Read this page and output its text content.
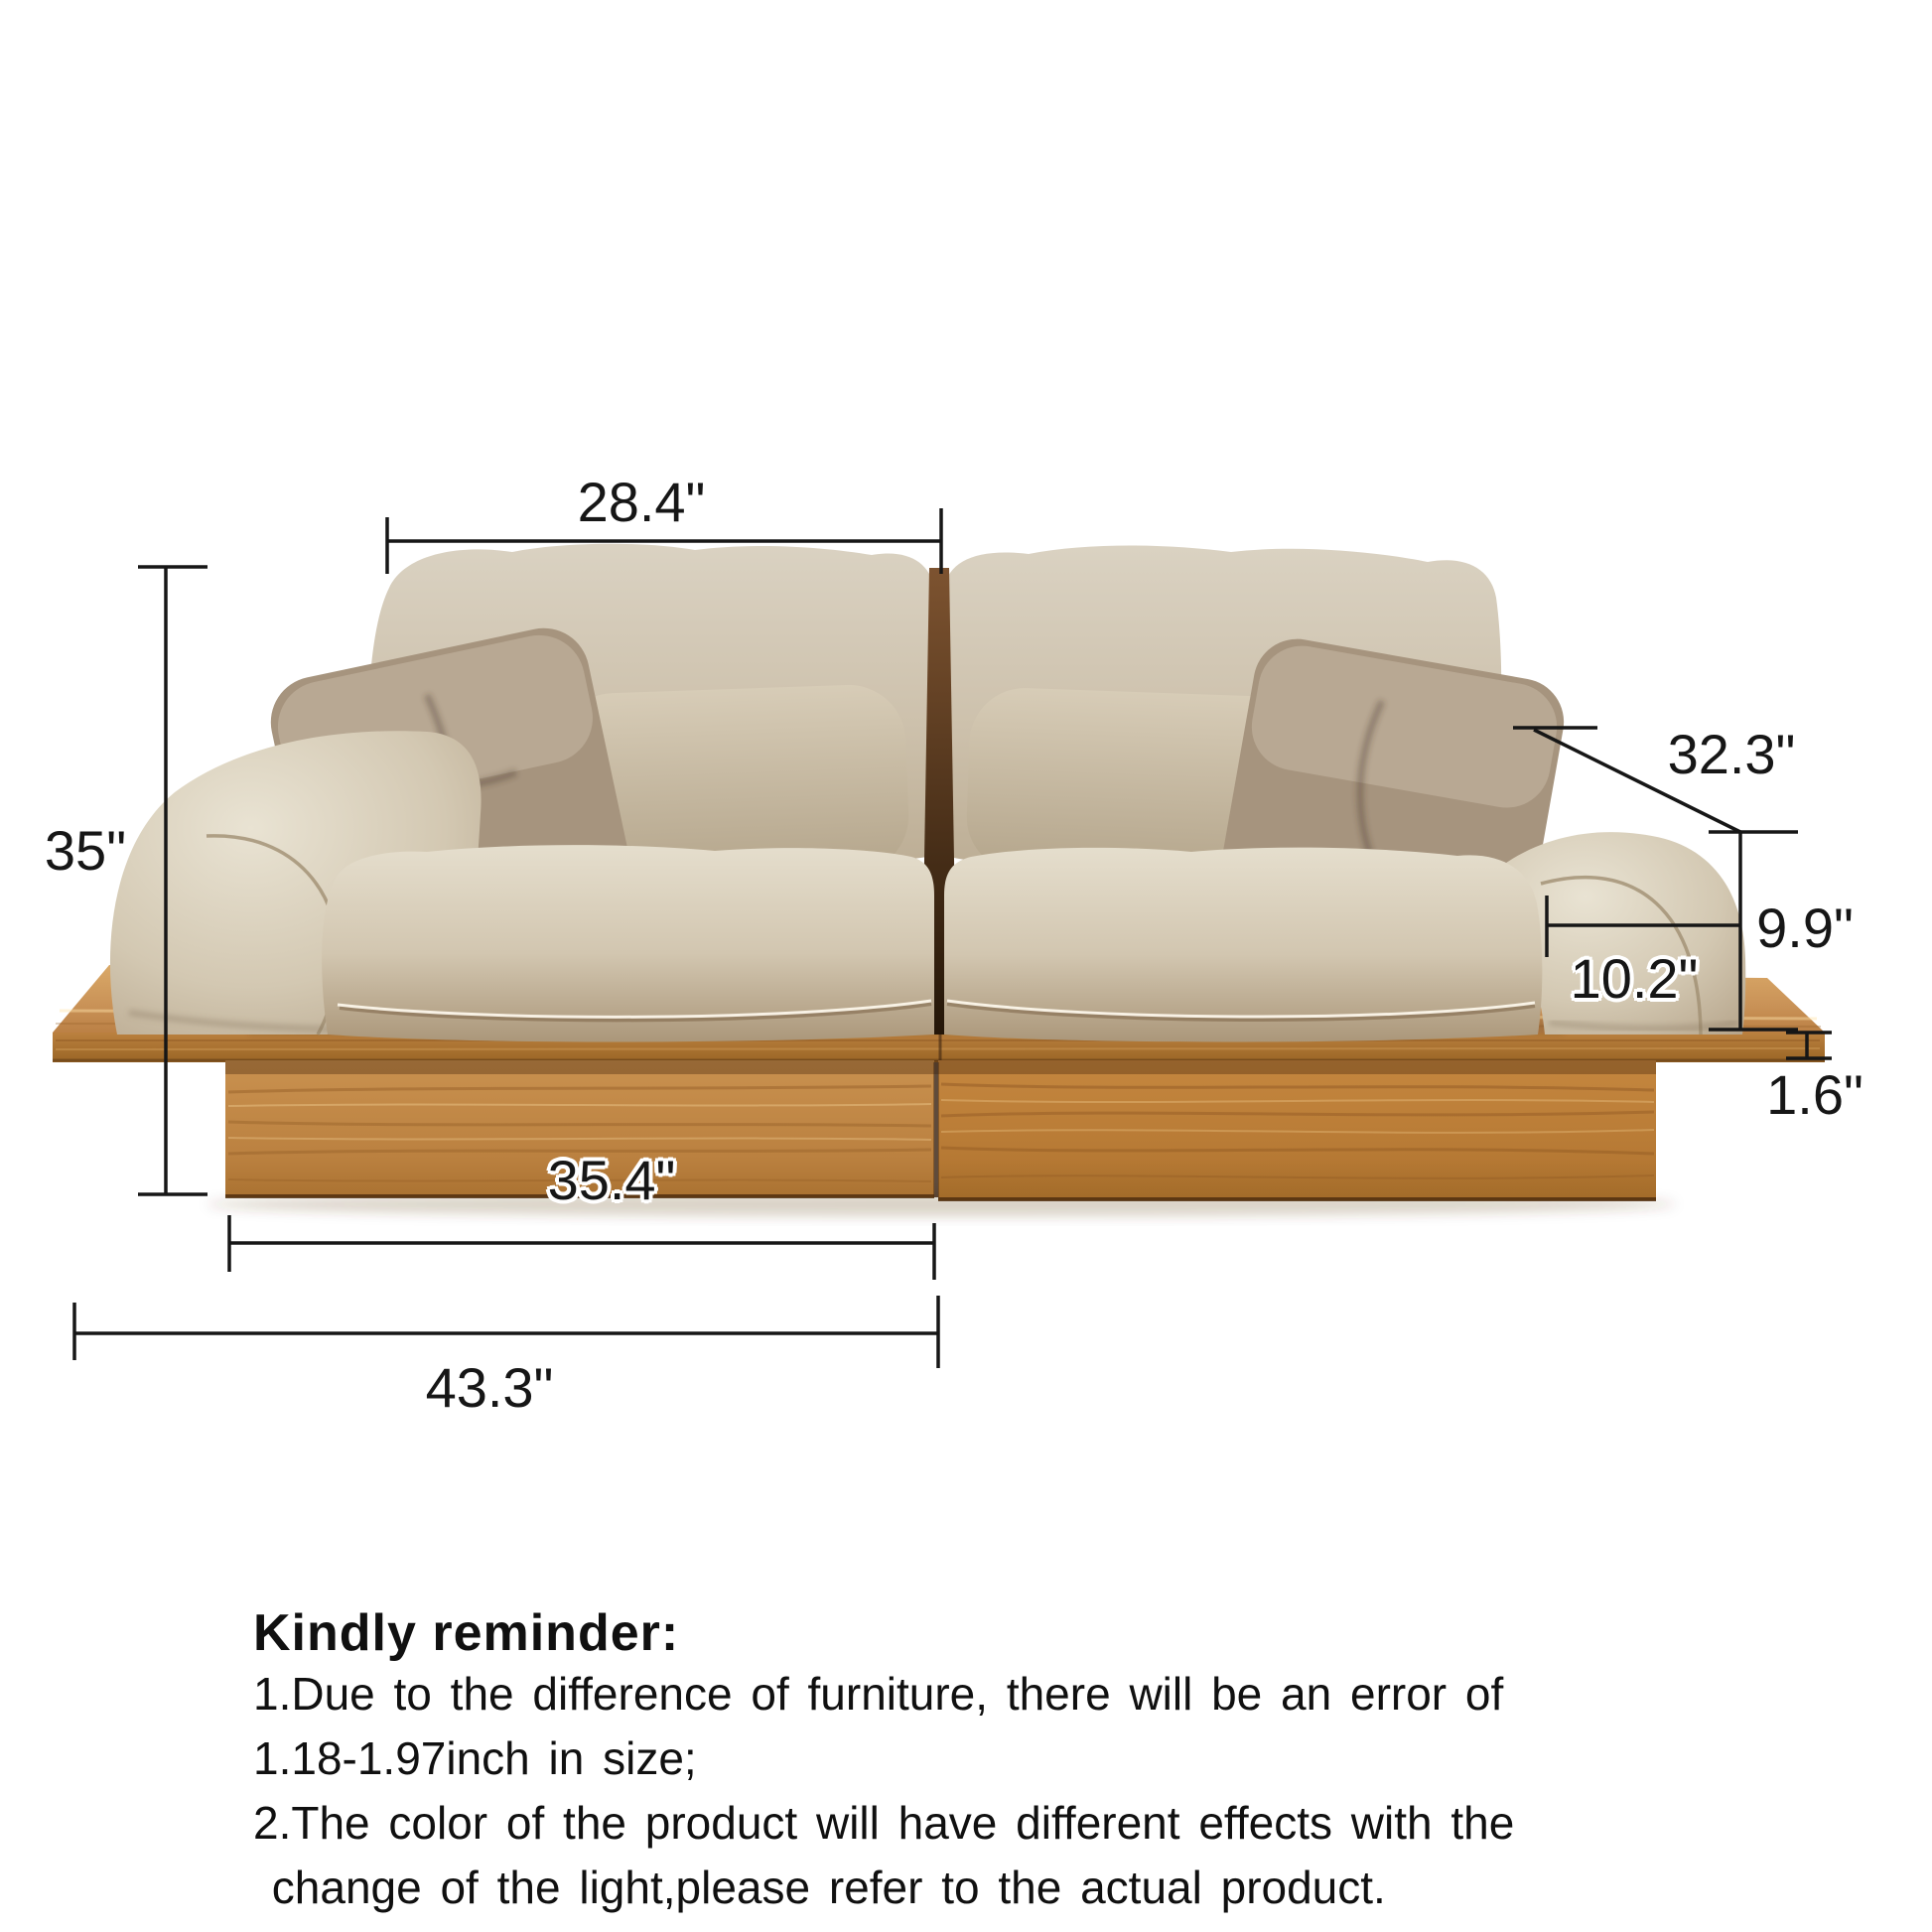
28.4"
35"
32.3"
9.9"
10.2"
1.6"
35.4"
43.3"
Kindly reminder:
1.Due to the difference of furniture, there will be an error of
1.18-1.97inch in size;
2.The color of the product will have different effects with the
change of the light,please refer to the actual product.
